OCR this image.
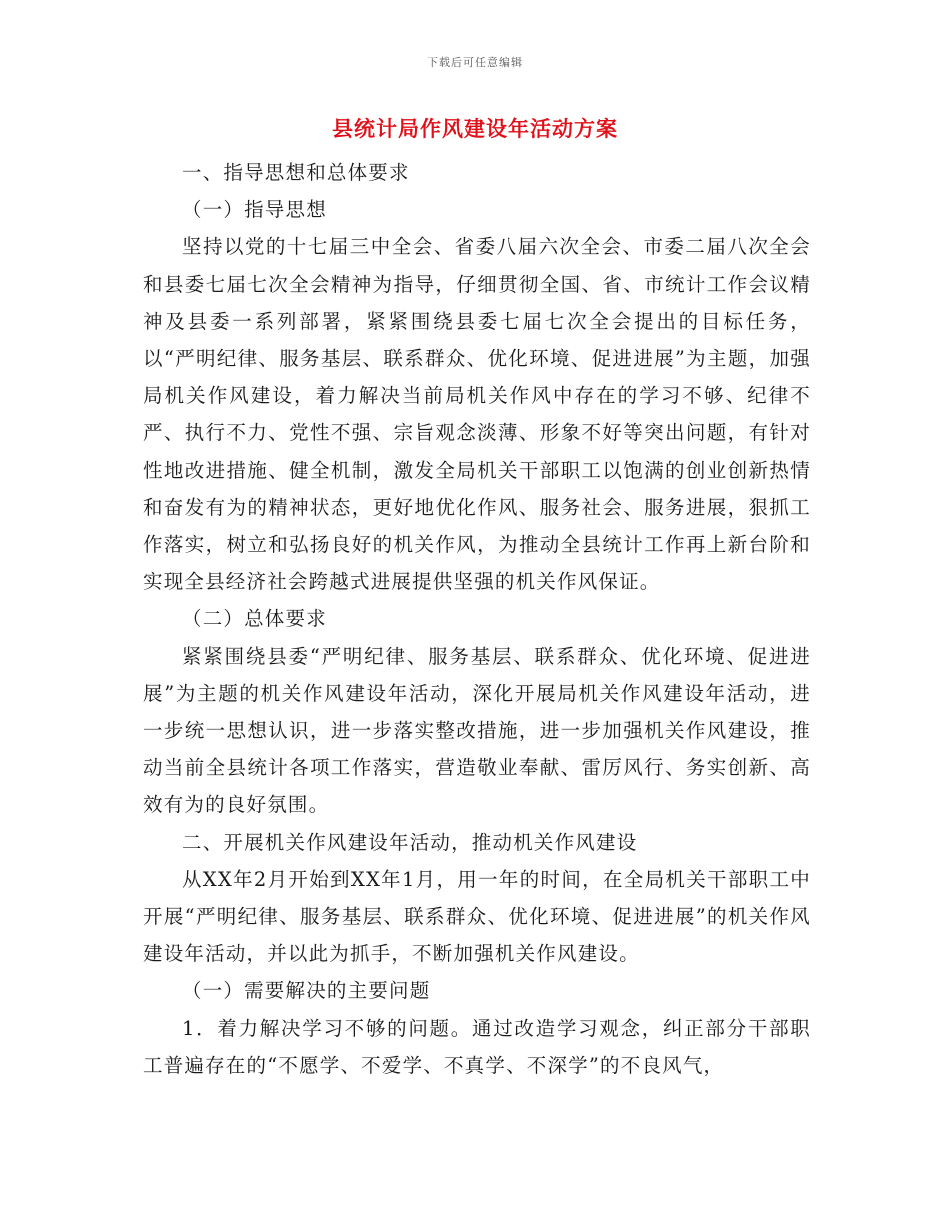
下载后可任意编辑
县统计局作风建设年活动方案

一、指导思想和总体要求

（一）指导思想

坚持以党的十七届三中全会、省委八届六次全会、市委二届八次全会和县委七届七次全会精神为指导，仔细贯彻全国、省、市统计工作会议精神及县委一系列部署，紧紧围绕县委七届七次全会提出的目标任务，以“严明纪律、服务基层、联系群众、优化环境、促进进展”为主题，加强局机关作风建设，着力解决当前局机关作风中存在的学习不够、纪律不严、执行不力、党性不强、宗旨观念淡薄、形象不好等突出问题，有针对性地改进措施、健全机制，激发全局机关干部职工以饱满的创业创新热情和奋发有为的精神状态，更好地优化作风、服务社会、服务进展，狠抓工作落实，树立和弘扬良好的机关作风，为推动全县统计工作再上新台阶和实现全县经济社会跨越式进展提供坚强的机关作风保证。

（二）总体要求

紧紧围绕县委“严明纪律、服务基层、联系群众、优化环境、促进进展”为主题的机关作风建设年活动，深化开展局机关作风建设年活动，进一步统一思想认识，进一步落实整改措施，进一步加强机关作风建设，推动当前全县统计各项工作落实，营造敬业奉献、雷厉风行、务实创新、高效有为的良好氛围。

二、开展机关作风建设年活动，推动机关作风建设

从XX年2月开始到XX年1月，用一年的时间，在全局机关干部职工中开展“严明纪律、服务基层、联系群众、优化环境、促进进展”的机关作风建设年活动，并以此为抓手，不断加强机关作风建设。

（一）需要解决的主要问题

1．着力解决学习不够的问题。通过改造学习观念，纠正部分干部职工普遍存在的“不愿学、不爱学、不真学、不深学”的不良风气，
